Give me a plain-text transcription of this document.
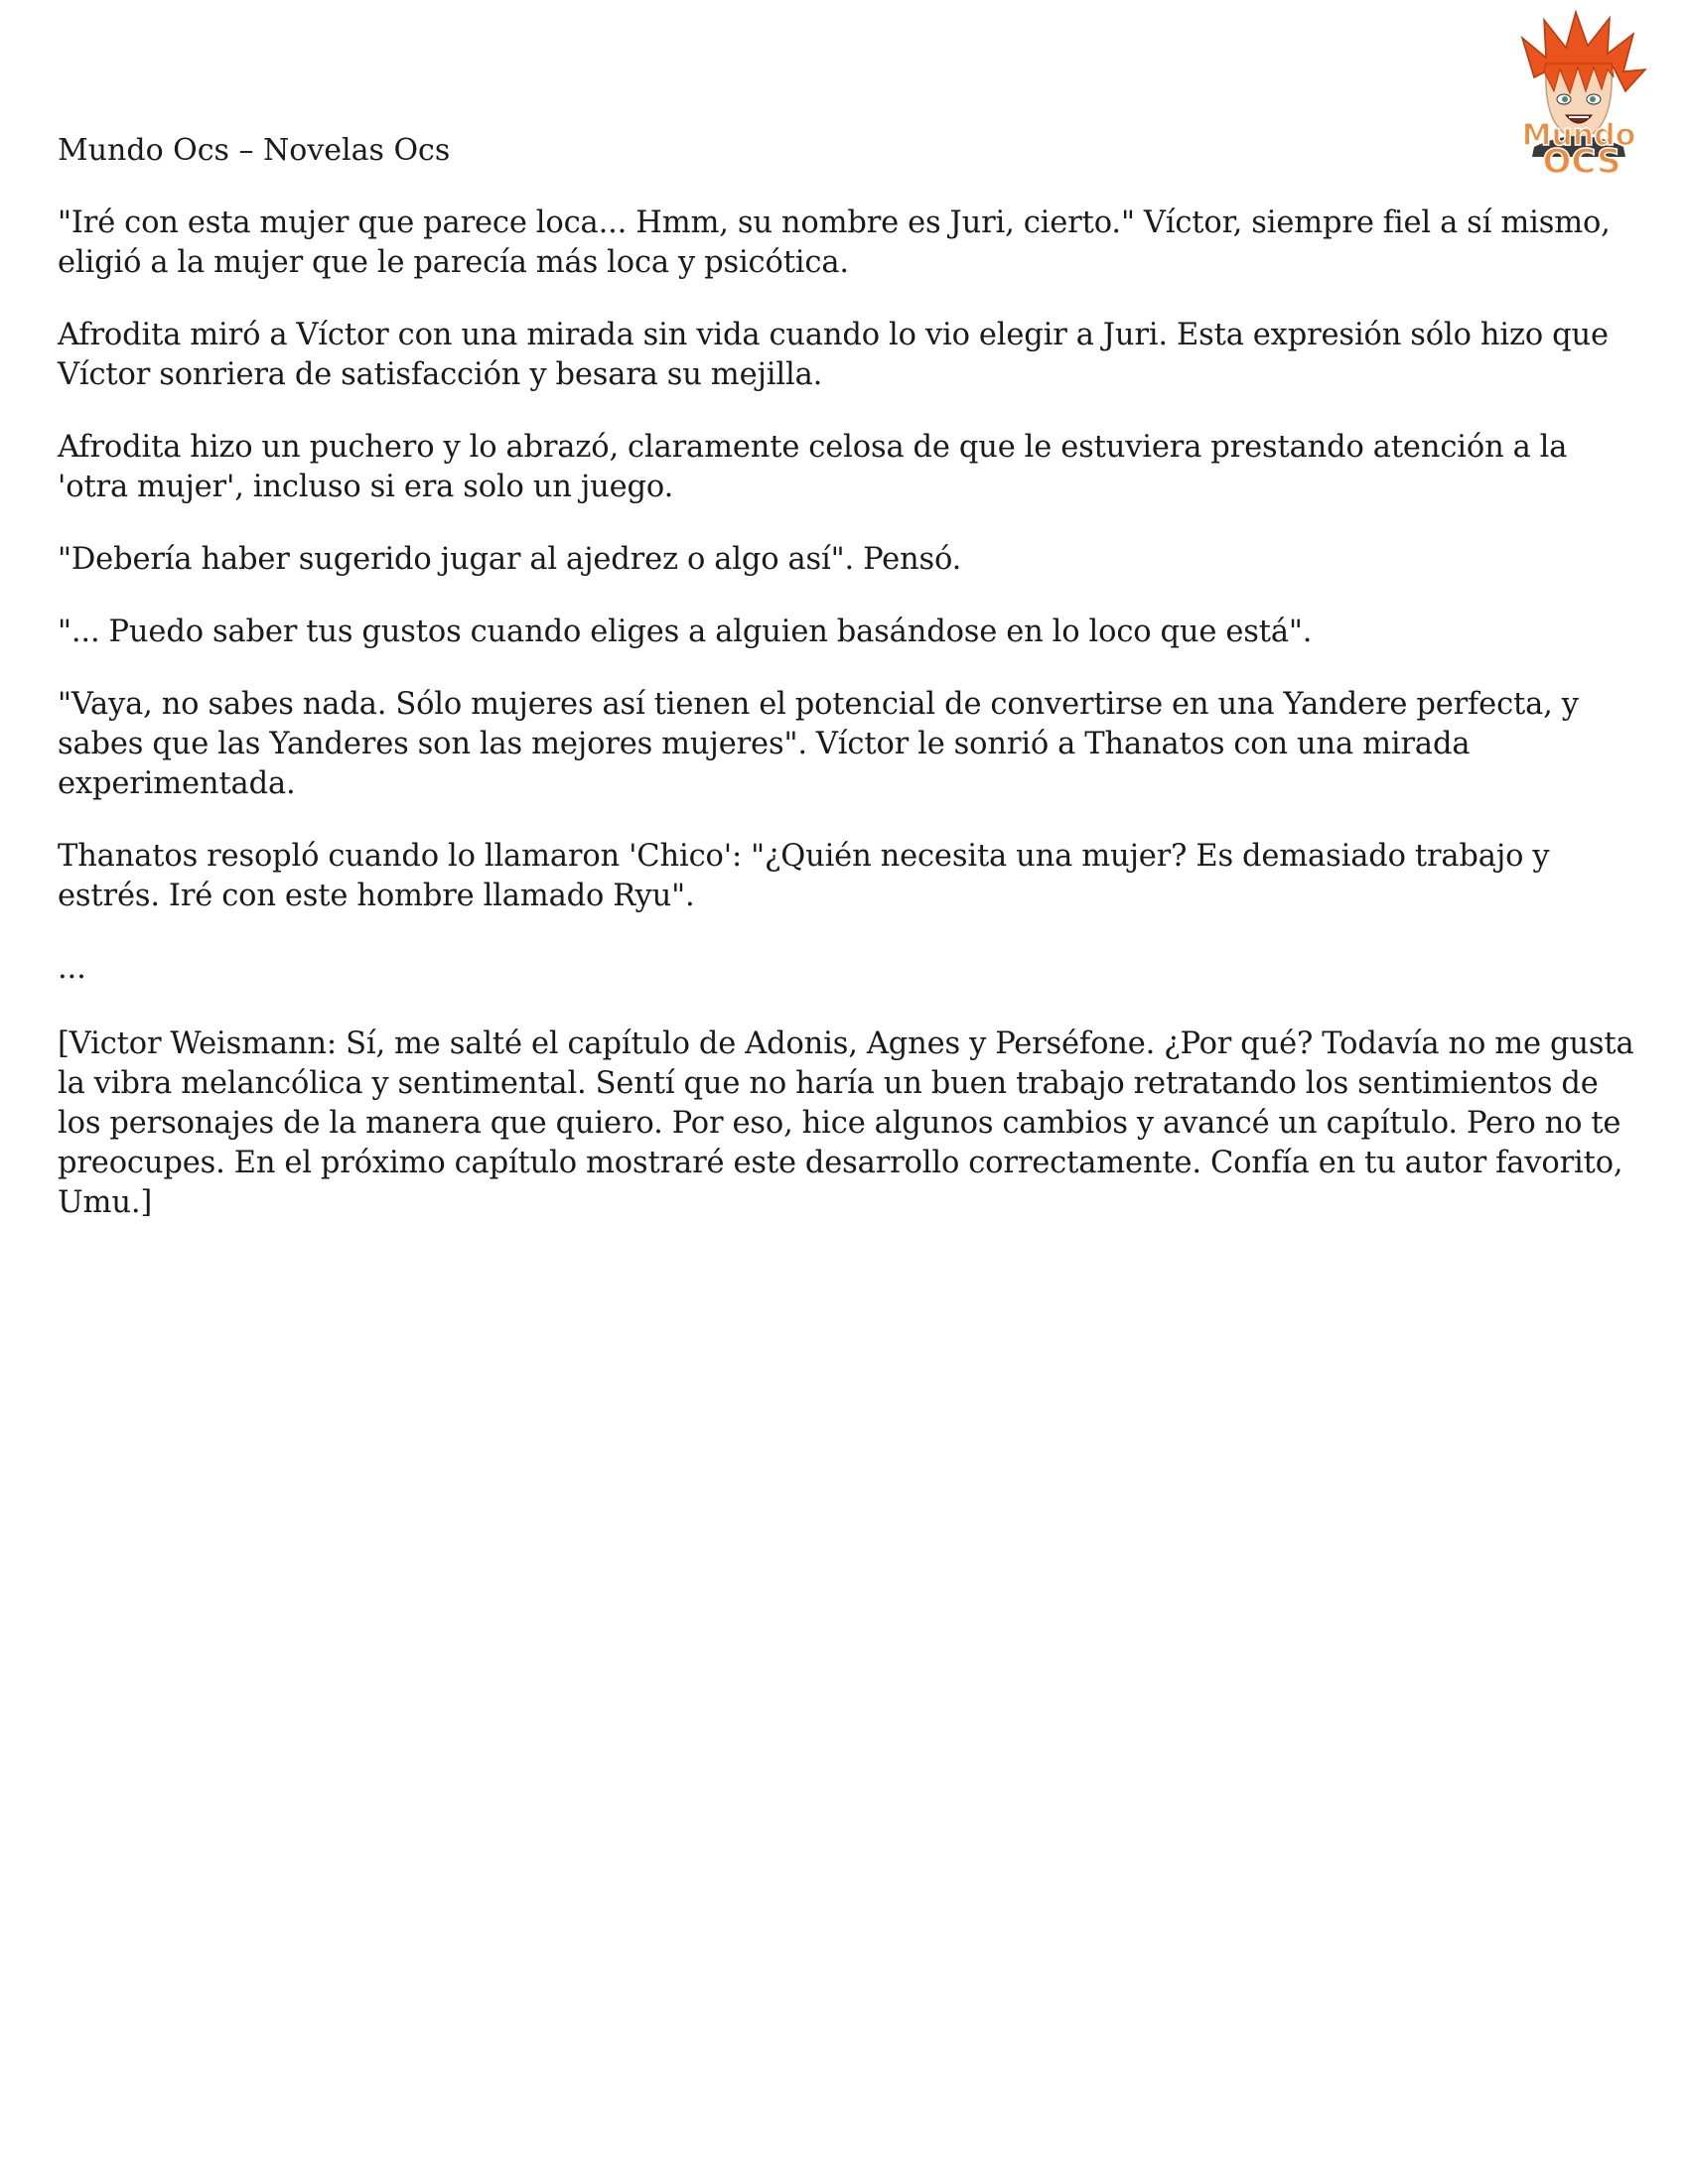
Mundo Ocs – Novelas Ocs	Mundo
OCS

"Iré con esta mujer que parece loca... Hmm, su nombre es Juri, cierto." Víctor, siempre fiel a sí mismo, eligió a la mujer que le parecía más loca y psicótica.

Afrodita miró a Víctor con una mirada sin vida cuando lo vio elegir a Juri. Esta expresión sólo hizo que Víctor sonriera de satisfacción y besara su mejilla.

Afrodita hizo un puchero y lo abrazó, claramente celosa de que le estuviera prestando atención a la 'otra mujer', incluso si era solo un juego.

"Debería haber sugerido jugar al ajedrez o algo así". Pensó.

"... Puedo saber tus gustos cuando eliges a alguien basándose en lo loco que está".

"Vaya, no sabes nada. Sólo mujeres así tienen el potencial de convertirse en una Yandere perfecta, y sabes que las Yanderes son las mejores mujeres". Víctor le sonrió a Thanatos con una mirada experimentada.

Thanatos resopló cuando lo llamaron 'Chico': "¿Quién necesita una mujer? Es demasiado trabajo y estrés. Iré con este hombre llamado Ryu".

...

[Victor Weismann: Sí, me salté el capítulo de Adonis, Agnes y Perséfone. ¿Por qué? Todavía no me gusta la vibra melancólica y sentimental. Sentí que no haría un buen trabajo retratando los sentimientos de los personajes de la manera que quiero. Por eso, hice algunos cambios y avancé un capítulo. Pero no te preocupes. En el próximo capítulo mostraré este desarrollo correctamente. Confía en tu autor favorito, Umu.]
